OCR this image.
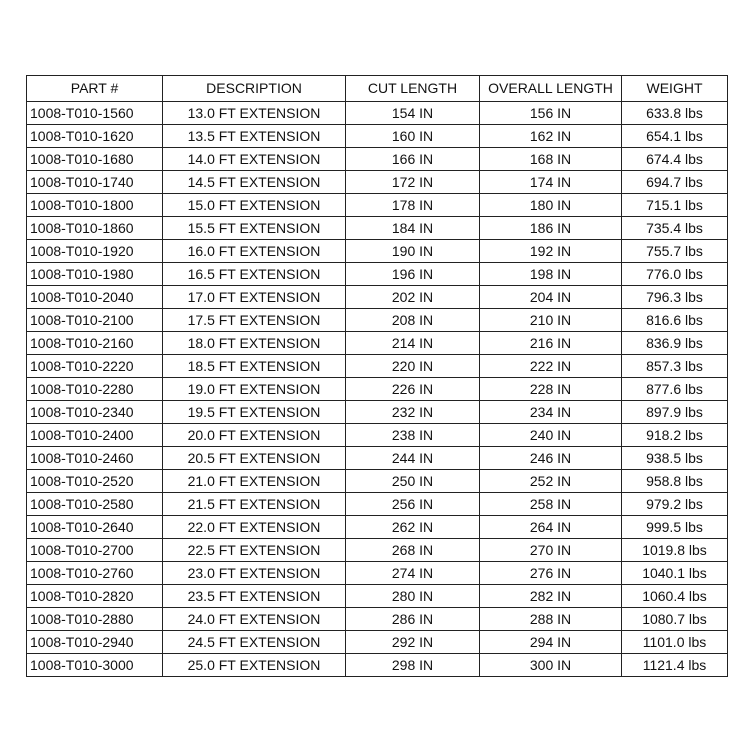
PART #	DESCRIPTION	CUT LENGTH	OVERALL LENGTH	WEIGHT
1008-T010-1560	13.0 FT EXTENSION	154 IN	156 IN	633.8 lbs
1008-T010-1620	13.5 FT EXTENSION	160 IN	162 IN	654.1 lbs
1008-T010-1680	14.0 FT EXTENSION	166 IN	168 IN	674.4 lbs
1008-T010-1740	14.5 FT EXTENSION	172 IN	174 IN	694.7 lbs
1008-T010-1800	15.0 FT EXTENSION	178 IN	180 IN	715.1 lbs
1008-T010-1860	15.5 FT EXTENSION	184 IN	186 IN	735.4 lbs
1008-T010-1920	16.0 FT EXTENSION	190 IN	192 IN	755.7 lbs
1008-T010-1980	16.5 FT EXTENSION	196 IN	198 IN	776.0 lbs
1008-T010-2040	17.0 FT EXTENSION	202 IN	204 IN	796.3 lbs
1008-T010-2100	17.5 FT EXTENSION	208 IN	210 IN	816.6 lbs
1008-T010-2160	18.0 FT EXTENSION	214 IN	216 IN	836.9 lbs
1008-T010-2220	18.5 FT EXTENSION	220 IN	222 IN	857.3 lbs
1008-T010-2280	19.0 FT EXTENSION	226 IN	228 IN	877.6 lbs
1008-T010-2340	19.5 FT EXTENSION	232 IN	234 IN	897.9 lbs
1008-T010-2400	20.0 FT EXTENSION	238 IN	240 IN	918.2 lbs
1008-T010-2460	20.5 FT EXTENSION	244 IN	246 IN	938.5 lbs
1008-T010-2520	21.0 FT EXTENSION	250 IN	252 IN	958.8 lbs
1008-T010-2580	21.5 FT EXTENSION	256 IN	258 IN	979.2 lbs
1008-T010-2640	22.0 FT EXTENSION	262 IN	264 IN	999.5 lbs
1008-T010-2700	22.5 FT EXTENSION	268 IN	270 IN	1019.8 lbs
1008-T010-2760	23.0 FT EXTENSION	274 IN	276 IN	1040.1 lbs
1008-T010-2820	23.5 FT EXTENSION	280 IN	282 IN	1060.4 lbs
1008-T010-2880	24.0 FT EXTENSION	286 IN	288 IN	1080.7 lbs
1008-T010-2940	24.5 FT EXTENSION	292 IN	294 IN	1101.0 lbs
1008-T010-3000	25.0 FT EXTENSION	298 IN	300 IN	1121.4 lbs
